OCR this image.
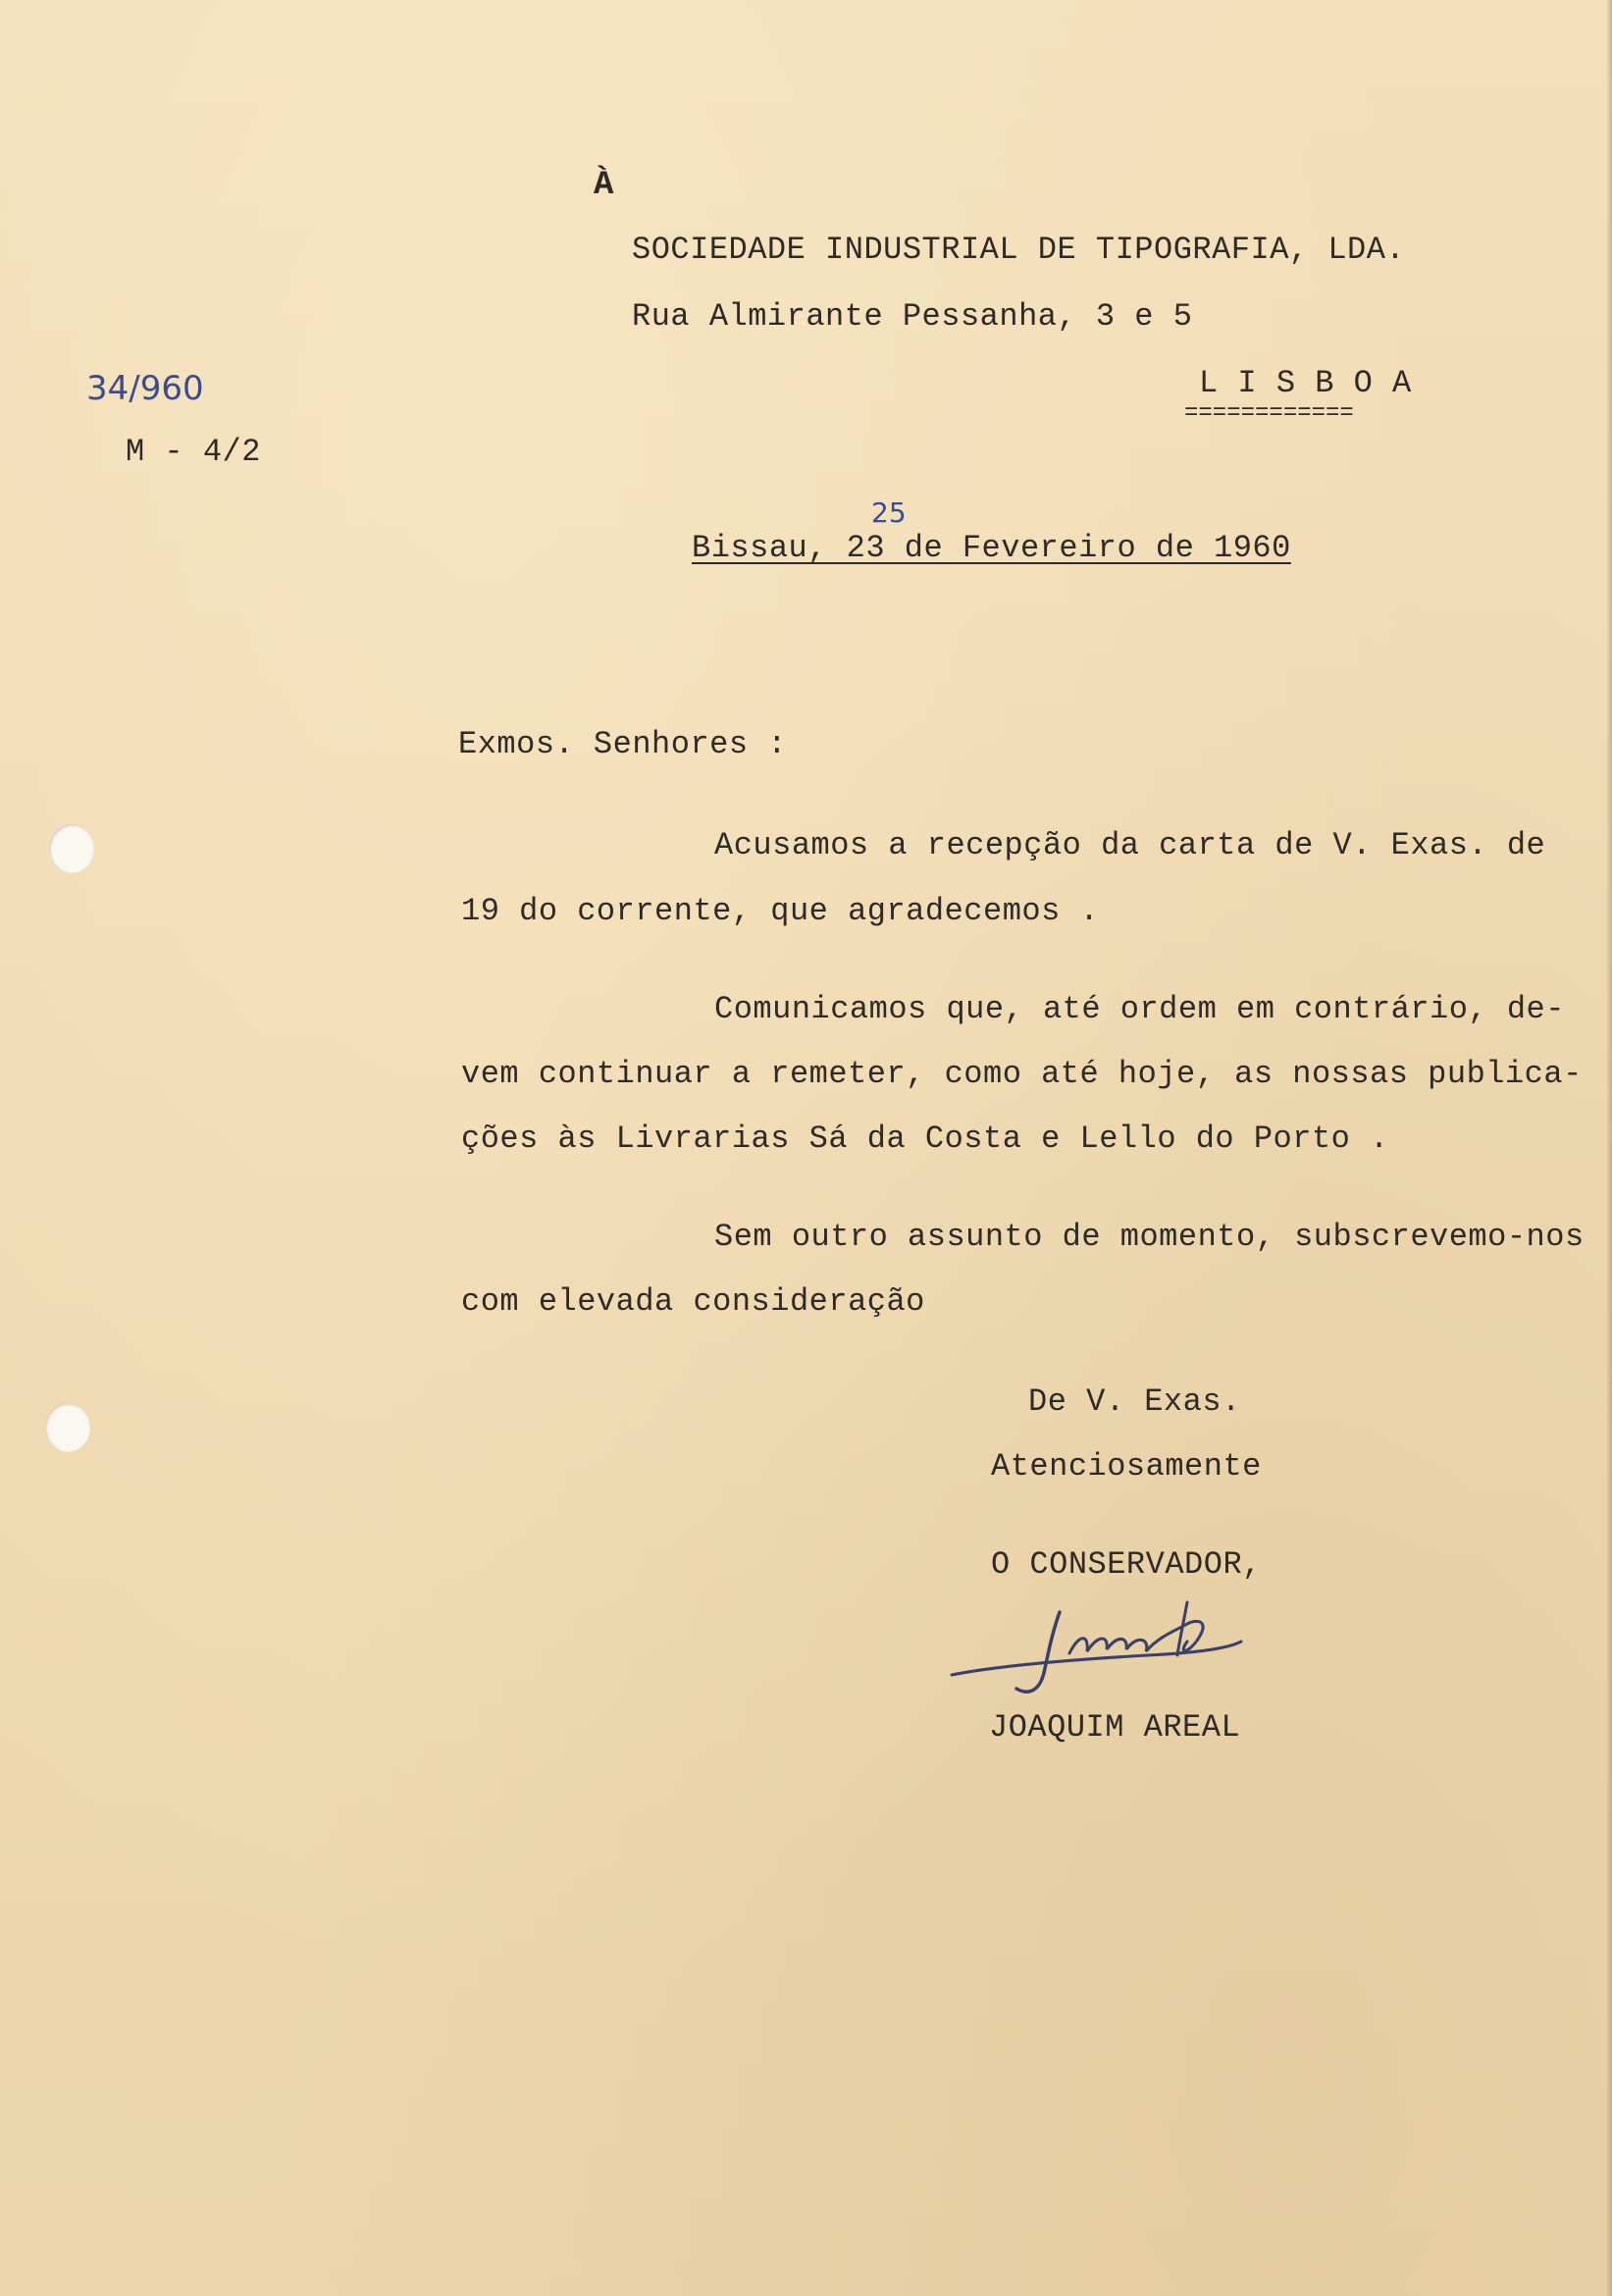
À

SOCIEDADE INDUSTRIAL DE TIPOGRAFIA, LDA.

Rua Almirante Pessanha, 3 e 5

L I S B O A

============

34/960

M - 4/2

Bissau, 23 de Fevereiro de 1960

25

Exmos. Senhores :

Acusamos a recepção da carta de V. Exas. de

19 do corrente, que agradecemos .

Comunicamos que, até ordem em contrário, de-

vem continuar a remeter, como até hoje, as nossas publica-

ções às Livrarias Sá da Costa e Lello do Porto .

Sem outro assunto de momento, subscrevemo-nos

com elevada consideração

De V. Exas.

Atenciosamente

O CONSERVADOR,

JOAQUIM AREAL
